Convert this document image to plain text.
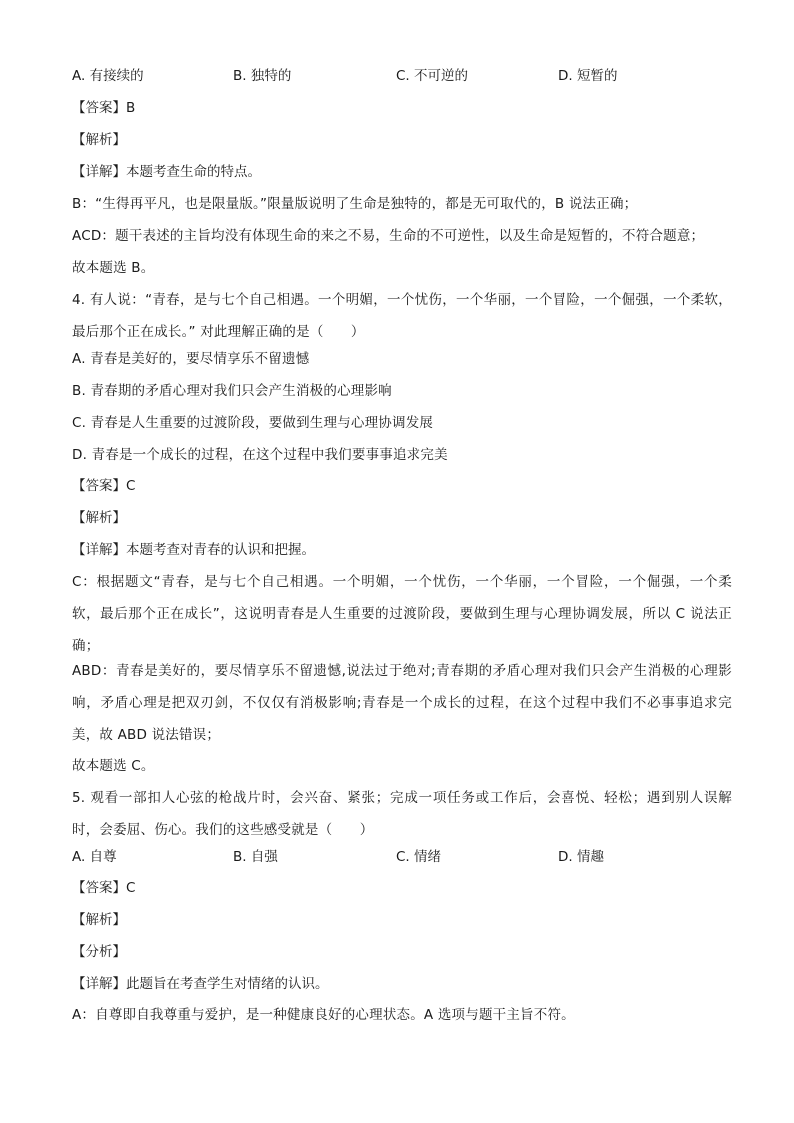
A. 有接续的	B. 独特的	C. 不可逆的	D. 短暂的
【答案】B
【解析】
【详解】本题考查生命的特点。
B：“生得再平凡，也是限量版。”限量版说明了生命是独特的，都是无可取代的，B 说法正确；
ACD：题干表述的主旨均没有体现生命的来之不易，生命的不可逆性，以及生命是短暂的，不符合题意；
故本题选 B。
4. 有人说：“青春，是与七个自己相遇。一个明媚，一个忧伤，一个华丽，一个冒险，一个倔强，一个柔软，最后那个正在成长。” 对此理解正确的是（　　）
A. 青春是美好的，要尽情享乐不留遗憾
B. 青春期的矛盾心理对我们只会产生消极的心理影响
C. 青春是人生重要的过渡阶段，要做到生理与心理协调发展
D. 青春是一个成长的过程，在这个过程中我们要事事追求完美
【答案】C
【解析】
【详解】本题考查对青春的认识和把握。
C：根据题文“青春，是与七个自己相遇。一个明媚，一个忧伤，一个华丽，一个冒险，一个倔强，一个柔软，最后那个正在成长”，这说明青春是人生重要的过渡阶段，要做到生理与心理协调发展，所以 C 说法正确；
ABD：青春是美好的，要尽情享乐不留遗憾,说法过于绝对;青春期的矛盾心理对我们只会产生消极的心理影响，矛盾心理是把双刃剑，不仅仅有消极影响;青春是一个成长的过程，在这个过程中我们不必事事追求完美，故 ABD 说法错误；
故本题选 C。
5. 观看一部扣人心弦的枪战片时，会兴奋、紧张；完成一项任务或工作后，会喜悦、轻松；遇到别人误解时，会委屈、伤心。我们的这些感受就是（　　）
A. 自尊	B. 自强	C. 情绪	D. 情趣
【答案】C
【解析】
【分析】
【详解】此题旨在考查学生对情绪的认识。
A：自尊即自我尊重与爱护，是一种健康良好的心理状态。A 选项与题干主旨不符。
